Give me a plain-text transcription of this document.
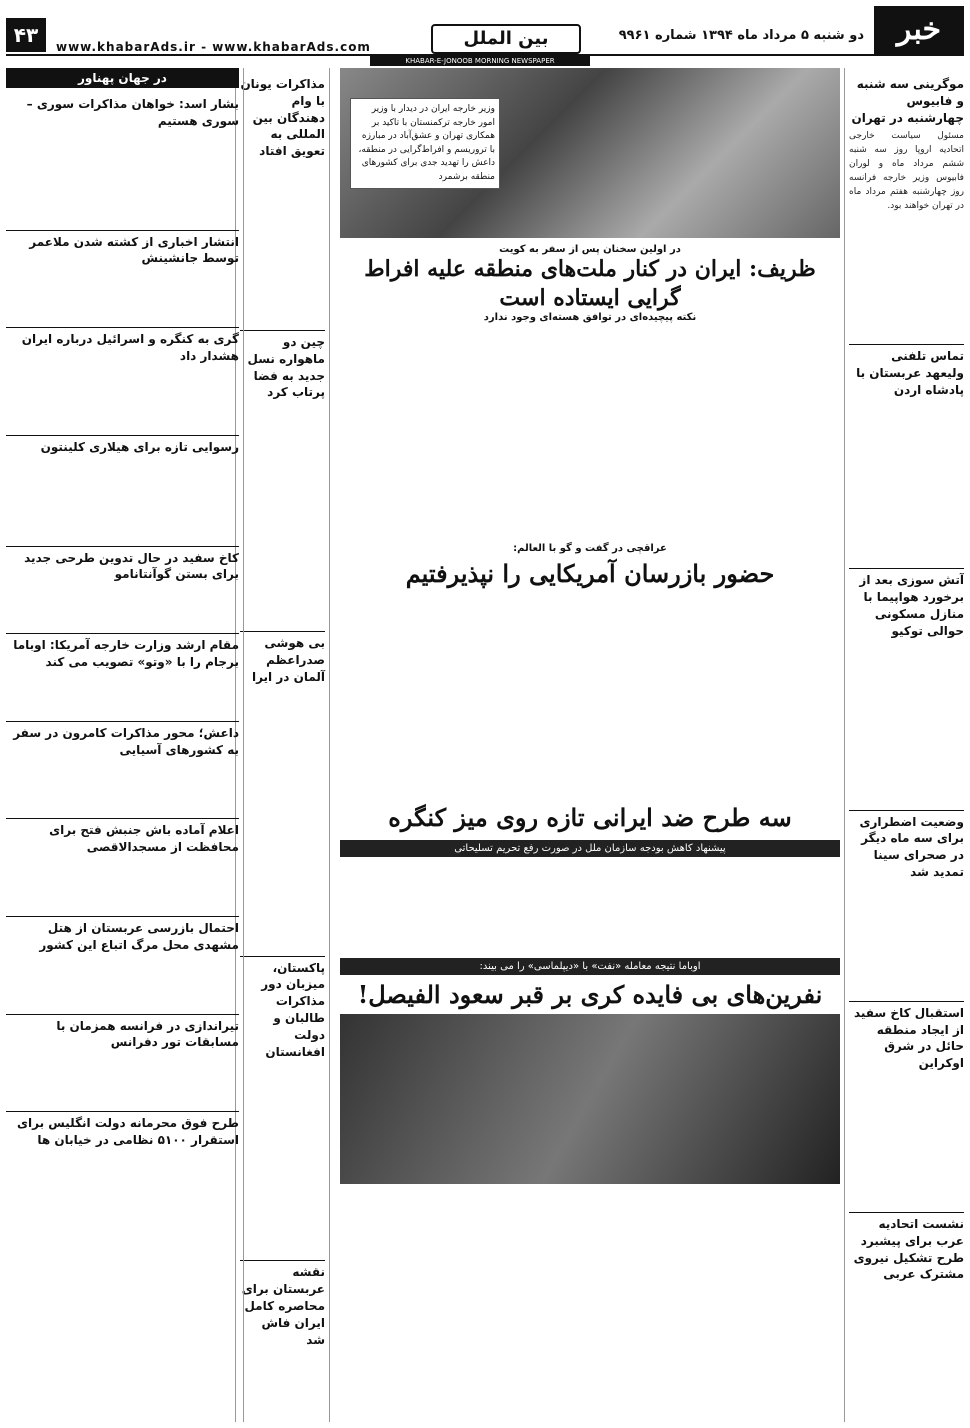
خبر
دو شنبه ۵ مرداد ماه ۱۳۹۴ شماره ۹۹۶۱
بین الملل
www.khabarAds.ir - www.khabarAds.com
۴۳
KHABAR-E-JONOOB MORNING NEWSPAPER
موگرینی سه شنبه و فابیوس چهارشنبه در تهران
مسئول سیاست خارجی اتحادیه اروپا روز سه شنبه ششم مرداد ماه و لوران فابیوس وزیر خارجه فرانسه روز چهارشنبه هفتم مرداد ماه در تهران خواهند بود.
تماس تلفنی ولیعهد عربستان با پادشاه اردن
آتش سوزی بعد از برخورد هواپیما با منازل مسکونی حوالی توکیو
وضعیت اضطراری برای سه ماه دیگر در صحرای سینا تمدید شد
استقبال کاخ سفید از ایجاد منطقه حائل در شرق اوکراین
نشست اتحادیه عرب برای پیشبرد طرح تشکیل نیروی مشترک عربی
وزیر خارجه ایران در دیدار با وزیر امور خارجه ترکمنستان با تاکید بر همکاری تهران و عشق‌آباد در مبارزه با تروریسم و افراط‌گرایی در منطقه، داعش را تهدید جدی برای کشورهای منطقه برشمرد
در اولین سخنان پس از سفر به کویت
ظریف: ایران در کنار ملت‌های منطقه علیه افراط گرایی ایستاده است
نکته پیچیده‌ای در توافق هسته‌ای وجود ندارد
عراقچی در گفت و گو با العالم:
حضور بازرسان آمریکایی را نپذیرفتیم
سه طرح ضد ایرانی تازه روی میز کنگره
پیشنهاد کاهش بودجه سازمان ملل در صورت رفع تحریم تسلیحاتی
اوباما نتیجه معامله «نفت» با «دیپلماسی» را می بیند:
نفرین‌های بی فایده کری بر قبر سعود الفیصل!
مذاکرات یونان با وام دهندگان بین المللی به تعویق افتاد
چین دو ماهواره نسل جدید به فضا پرتاب کرد
بی هوشی صدراعظم آلمان در ایرا
پاکستان، میزبان دور مذاکرات طالبان و دولت افغانستان
نقشه عربستان برای محاصره کامل ایران فاش شد
در جهان پهناور
بشار اسد: خواهان مذاکرات سوری – سوری هستیم
انتشار اخباری از کشته شدن ملاعمر توسط جانشینش
گری به کنگره و اسرائیل درباره ایران هشدار داد
رسوایی تازه برای هیلاری کلینتون
کاخ سفید در حال تدوین طرحی جدید برای بستن گوآنتانامو
مقام ارشد وزارت خارجه آمریکا: اوباما برجام را با «وتو» تصویب می کند
داعش؛ محور مذاکرات کامرون در سفر به کشورهای آسیایی
اعلام آماده باش جنبش فتح برای محافظت از مسجدالاقصی
احتمال بازرسی عربستان از هتل مشهدی محل مرگ اتباع این کشور
تیراندازی در فرانسه همزمان با مسابقات تور دفرانس
طرح فوق محرمانه دولت انگلیس برای استقرار ۵۱۰۰ نظامی در خیابان ها
